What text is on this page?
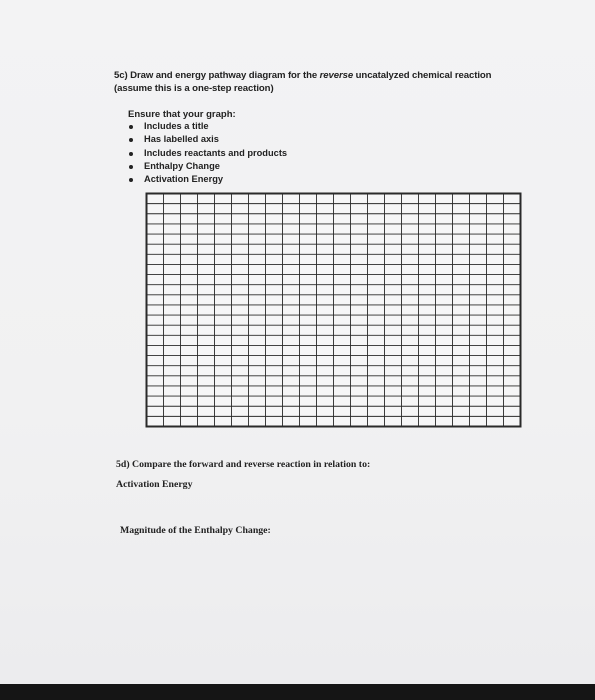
5c) Draw and energy pathway diagram for the reverse uncatalyzed chemical reaction
(assume this is a one-step reaction)
Ensure that your graph:
Includes a title
Has labelled axis
Includes reactants and products
Enthalpy Change
Activation Energy
5d) Compare the forward and reverse reaction in relation to:
Activation Energy
Magnitude of the Enthalpy Change:
